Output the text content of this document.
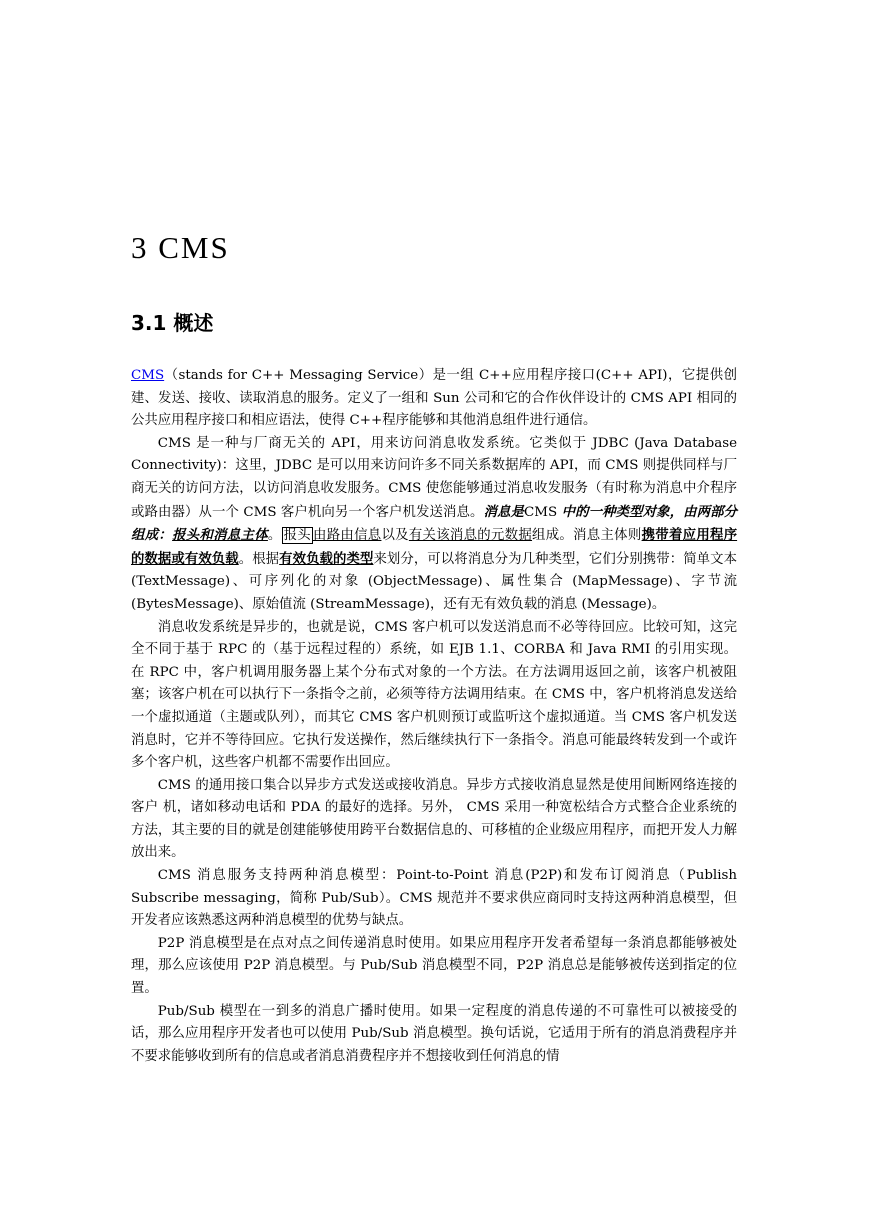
3 CMS
3.1 概述

CMS（stands for C++ Messaging Service）是一组 C++应用程序接口(C++ API)，它提供创建、发送、接收、读取消息的服务。定义了一组和 Sun 公司和它的合作伙伴设计的 CMS API 相同的公共应用程序接口和相应语法，使得 C++程序能够和其他消息组件进行通信。

CMS 是一种与厂商无关的 API，用来访问消息收发系统。它类似于 JDBC (Java Database Connectivity)：这里，JDBC 是可以用来访问许多不同关系数据库的 API，而 CMS 则提供同样与厂商无关的访问方法，以访问消息收发服务。CMS 使您能够通过消息收发服务（有时称为消息中介程序或路由器）从一个 CMS 客户机向另一个客户机发送消息。消息是CMS 中的一种类型对象，由两部分组成：报头和消息主体。 报头 由路由信息以及有关该消息的元数据组成。消息主体则携带着应用程序的数据或有效负载。根据有效负载的类型来划分，可以将消息分为几种类型，它们分别携带：简单文本 (TextMessage)、可序列化的对象 (ObjectMessage)、属性集合 (MapMessage)、字节流 (BytesMessage)、原始值流 (StreamMessage)，还有无有效负载的消息 (Message)。

消息收发系统是异步的，也就是说，CMS 客户机可以发送消息而不必等待回应。比较可知，这完全不同于基于 RPC 的（基于远程过程的）系统，如 EJB 1.1、CORBA 和 Java RMI 的引用实现。在 RPC 中，客户机调用服务器上某个分布式对象的一个方法。在方法调用返回之前，该客户机被阻塞；该客户机在可以执行下一条指令之前，必须等待方法调用结束。在 CMS 中，客户机将消息发送给一个虚拟通道（主题或队列），而其它 CMS 客户机则预订或监听这个虚拟通道。当 CMS 客户机发送消息时，它并不等待回应。它执行发送操作，然后继续执行下一条指令。消息可能最终转发到一个或许多个客户机，这些客户机都不需要作出回应。

CMS 的通用接口集合以异步方式发送或接收消息。异步方式接收消息显然是使用间断网络连接的客户 机，诸如移动电话和 PDA 的最好的选择。另外， CMS 采用一种宽松结合方式整合企业系统的方法，其主要的目的就是创建能够使用跨平台数据信息的、可移植的企业级应用程序，而把开发人力解放出来。

CMS 消息服务支持两种消息模型：Point-to-Point 消息(P2P)和发布订阅消息（Publish Subscribe messaging，简称 Pub/Sub）。CMS 规范并不要求供应商同时支持这两种消息模型，但开发者应该熟悉这两种消息模型的优势与缺点。

P2P 消息模型是在点对点之间传递消息时使用。如果应用程序开发者希望每一条消息都能够被处理，那么应该使用 P2P 消息模型。与 Pub/Sub 消息模型不同，P2P 消息总是能够被传送到指定的位置。

Pub/Sub 模型在一到多的消息广播时使用。如果一定程度的消息传递的不可靠性可以被接受的话，那么应用程序开发者也可以使用 Pub/Sub 消息模型。换句话说，它适用于所有的消息消费程序并不要求能够收到所有的信息或者消息消费程序并不想接收到任何消息的情
